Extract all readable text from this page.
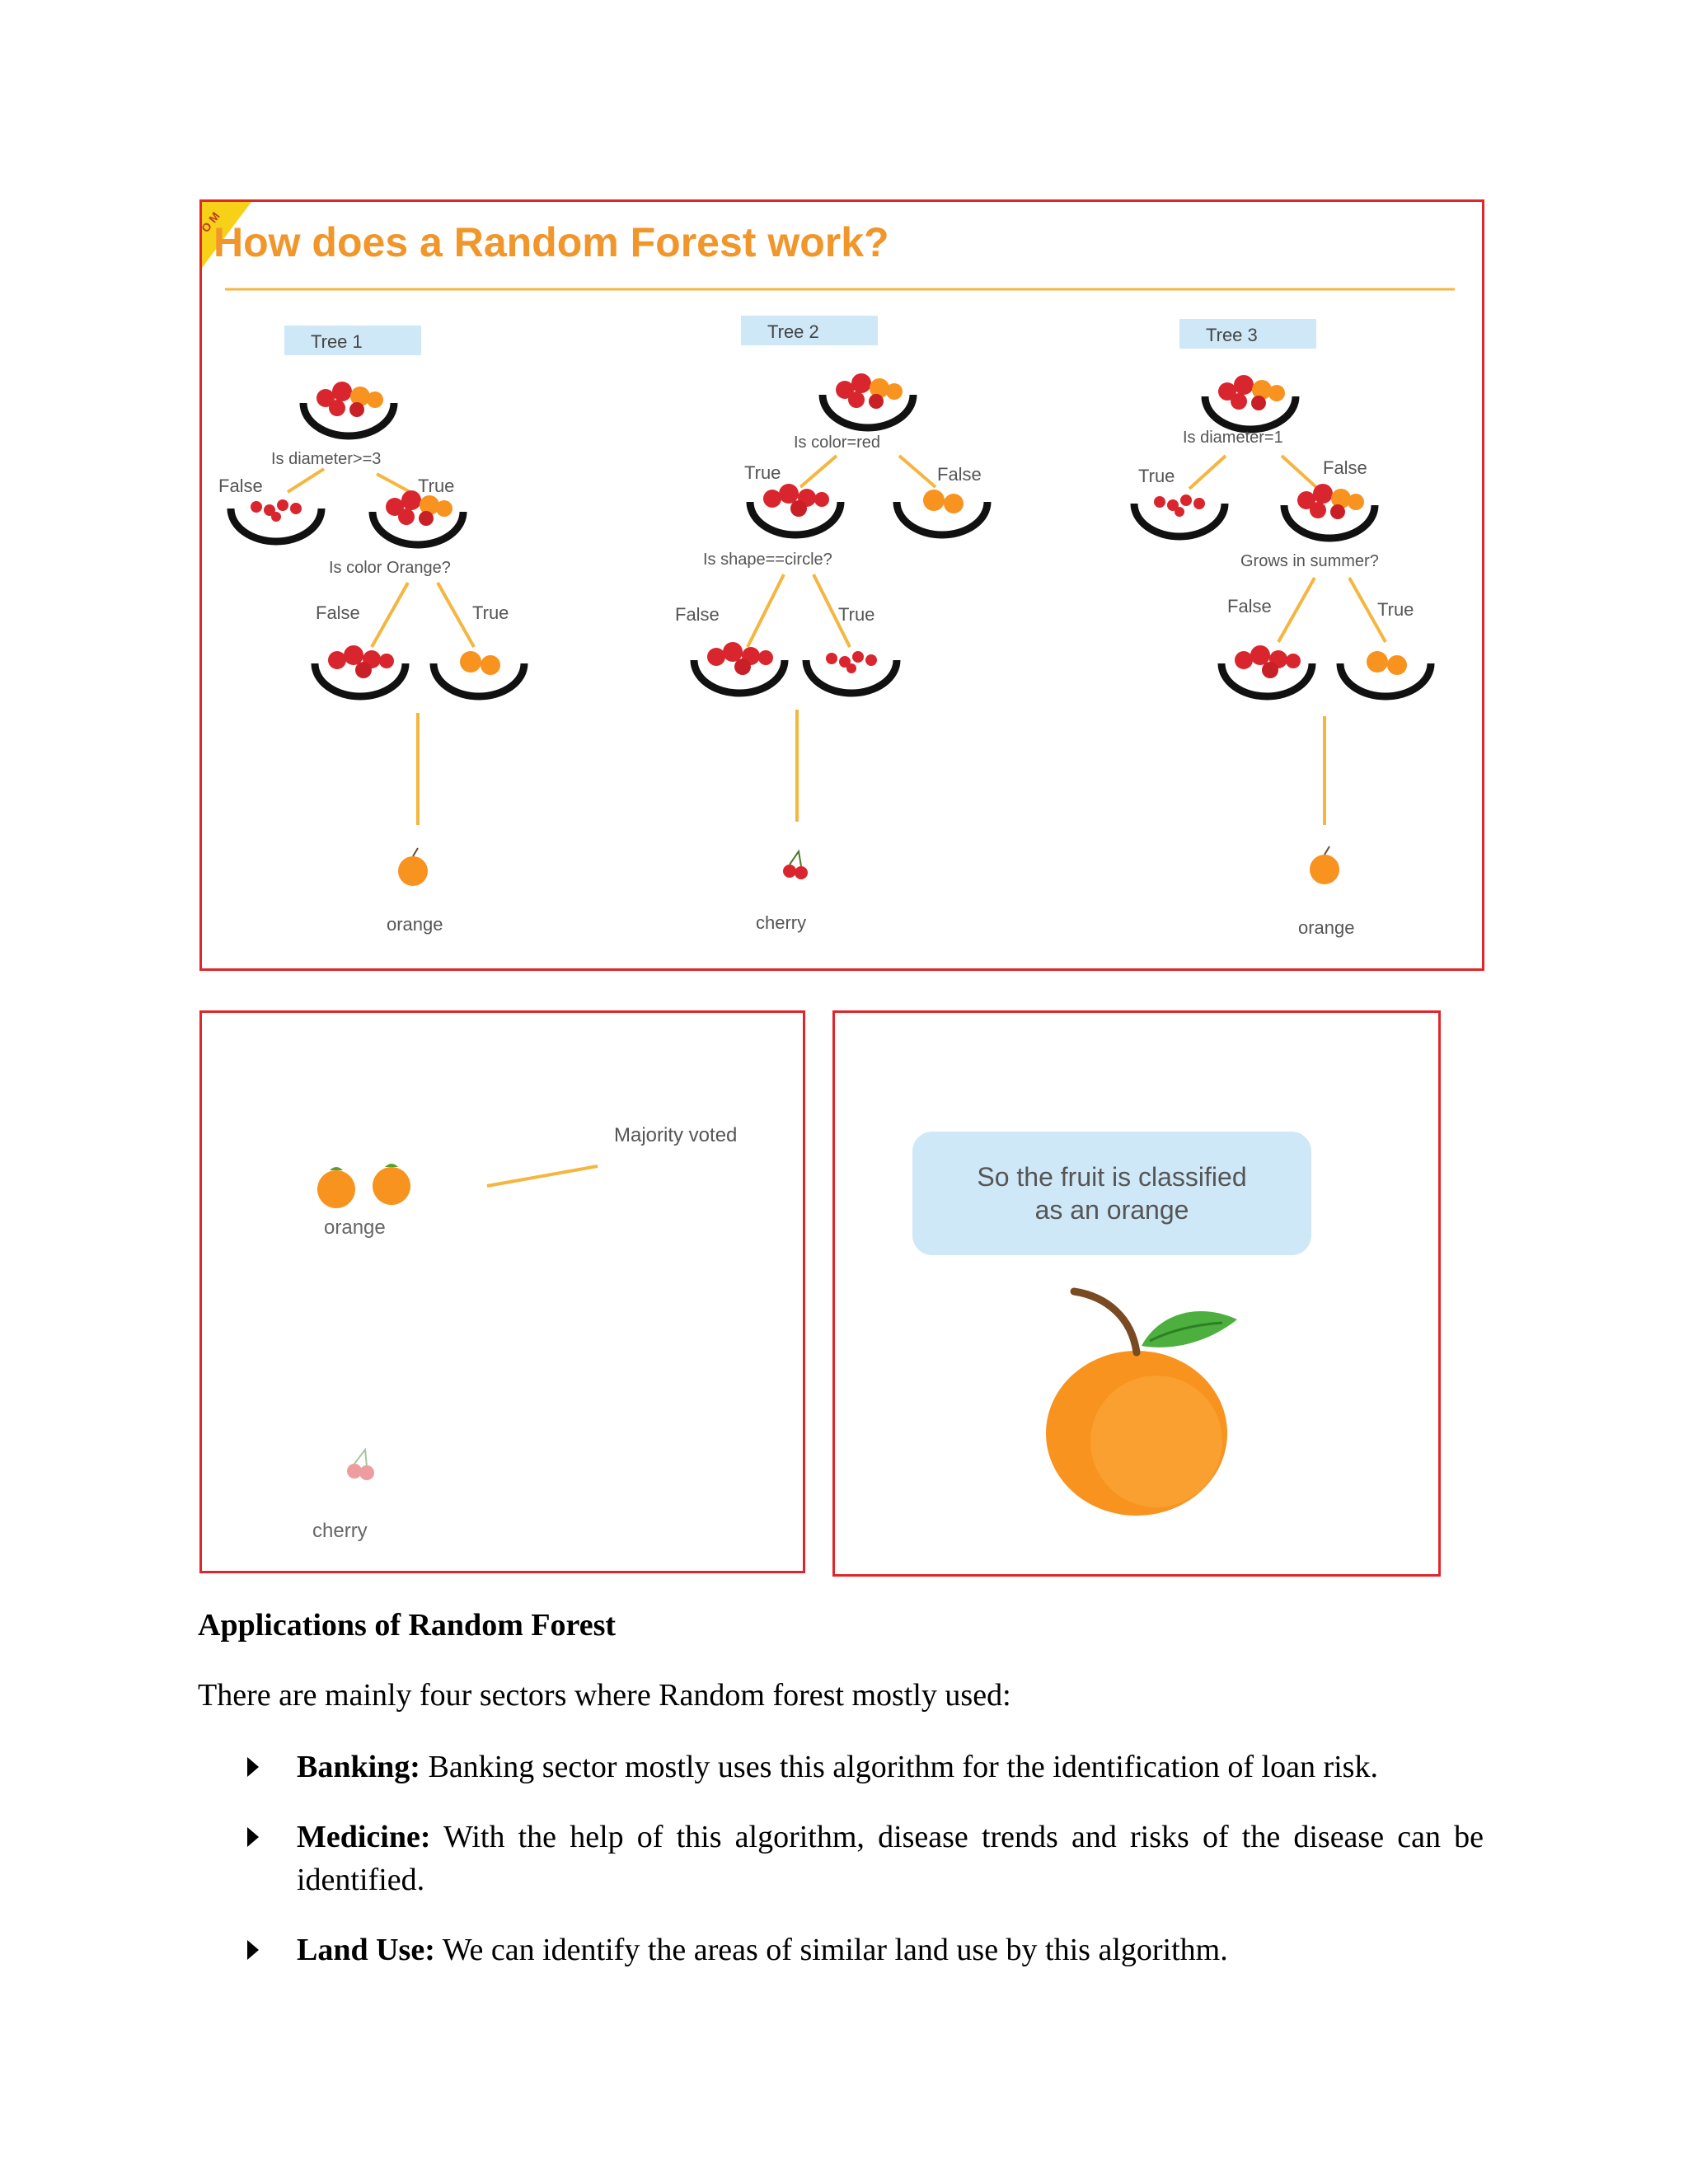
O M
How does a Random Forest work?
Tree 1
Is diameter>=3
False	True
Is color Orange?
False	True
orange
Tree 2
Is color=red
True	False
Is shape==circle?
False	True
cherry
Tree 3
Is diameter=1
True	False
Grows in summer?
False	True
orange
Majority voted
orange
cherry
So the fruit is classified as an orange
Applications of Random Forest
There are mainly four sectors where Random forest mostly used:
Banking: Banking sector mostly uses this algorithm for the identification of loan risk.
Medicine: With the help of this algorithm, disease trends and risks of the disease can be identified.
Land Use: We can identify the areas of similar land use by this algorithm.
